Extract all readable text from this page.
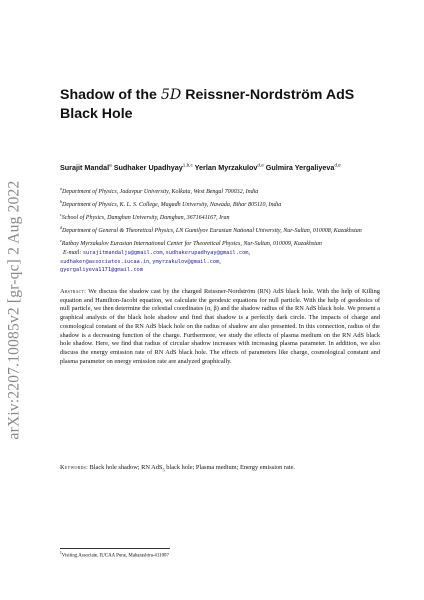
arXiv:2207.10085v2 [gr-qc] 2 Aug 2022
Shadow of the 5D Reissner-Nordström AdS Black Hole
Surajit Mandal$^a$ Sudhaker Upadhyay$^{1,b,c}$ Yerlan Myrzakulov$^{d,e}$ Gulmira Yergaliyeva$^{d,e}$
$^a$Department of Physics, Jadavpur University, Kolkata, West Bengal 700032, India
$^b$Department of Physics, K. L. S. College, Magadh University, Nawada, Bihar 805110, India
$^c$School of Physics, Damghan University, Damghan, 3671641167, Iran
$^d$Department of General & Theoretical Physics, LN Gumilyov Eurasian National University, Nur-Sultan, 010008, Kazakhstan
$^e$Ratbay Myrzakulov Eurasian International Center for Theoretical Physics, Nur-Sultan, 010009, Kazakhstan
E-mail: surajitmandalju@gmail.com, sudhakerupadhyay@gmail.com,
sudhaker@associates.iucaa.in, ymyrzakulov@gmail.com,
gyergaliyeva1171@gmail.com
Abstract: We discuss the shadow cast by the charged Reissner-Nordström (RN) AdS black hole. With the help of Killing equation and Hamilton-Jacobi equation, we calculate the geodesic equations for null particle. With the help of geodesics of null particle, we then determine the celestial coordinates (α, β) and the shadow radius of the RN AdS black hole. We present a graphical analysis of the black hole shadow and find that shadow is a perfectly dark circle. The impacts of charge and cosmological constant of the RN AdS black hole on the radius of shadow are also presented. In this connection, radius of the shadow is a decreasing function of the charge. Furthermore, we study the effects of plasma medium on the RN AdS black hole shadow. Here, we find that radius of circular shadow increases with increasing plasma parameter. In addition, we also discuss the energy emission rate of RN AdS black hole. The effects of parameters like charge, cosmological constant and plasma parameter on energy emission rate are analyzed graphically.
Keywords: Black hole shadow; RN AdS$_5$ black hole; Plasma medium; Energy emission rate.
$^1$Visiting Associate, IUCAA Pune, Maharashtra-411007
